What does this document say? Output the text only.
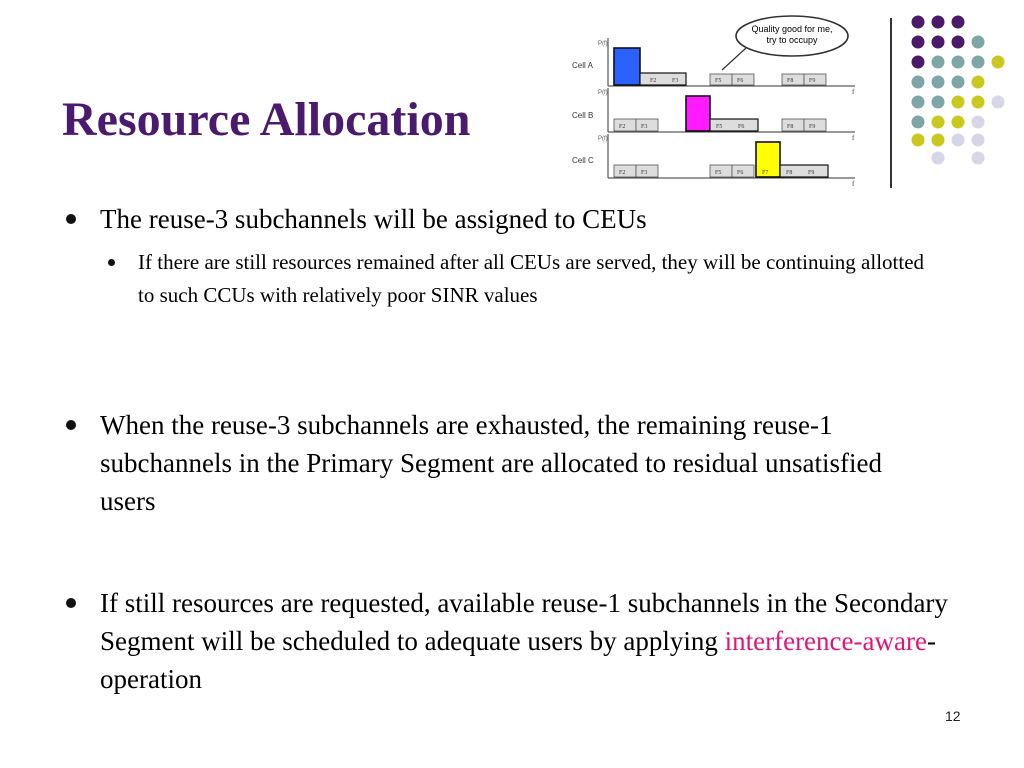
Resource Allocation
Quality good for me,
try to occupy
Cell A
P(f)
f
F2	F3	F5	F6	F8	F9
Cell B
P(f)
f
F2	F3	F5	F6	F8	F9
Cell C
P(f)
f
F2	F3	F5	F6	F7	F8	F9

The reuse-3 subchannels will be assigned to CEUs

If there are still resources remained after all CEUs are served, they will be continuing allotted to such CCUs with relatively poor SINR values

When the reuse-3 subchannels are exhausted, the remaining reuse-1 subchannels in the Primary Segment are allocated to residual unsatisfied users

If still resources are requested, available reuse-1 subchannels in the Secondary Segment will be scheduled to adequate users by applying interference-aware-operation

12
